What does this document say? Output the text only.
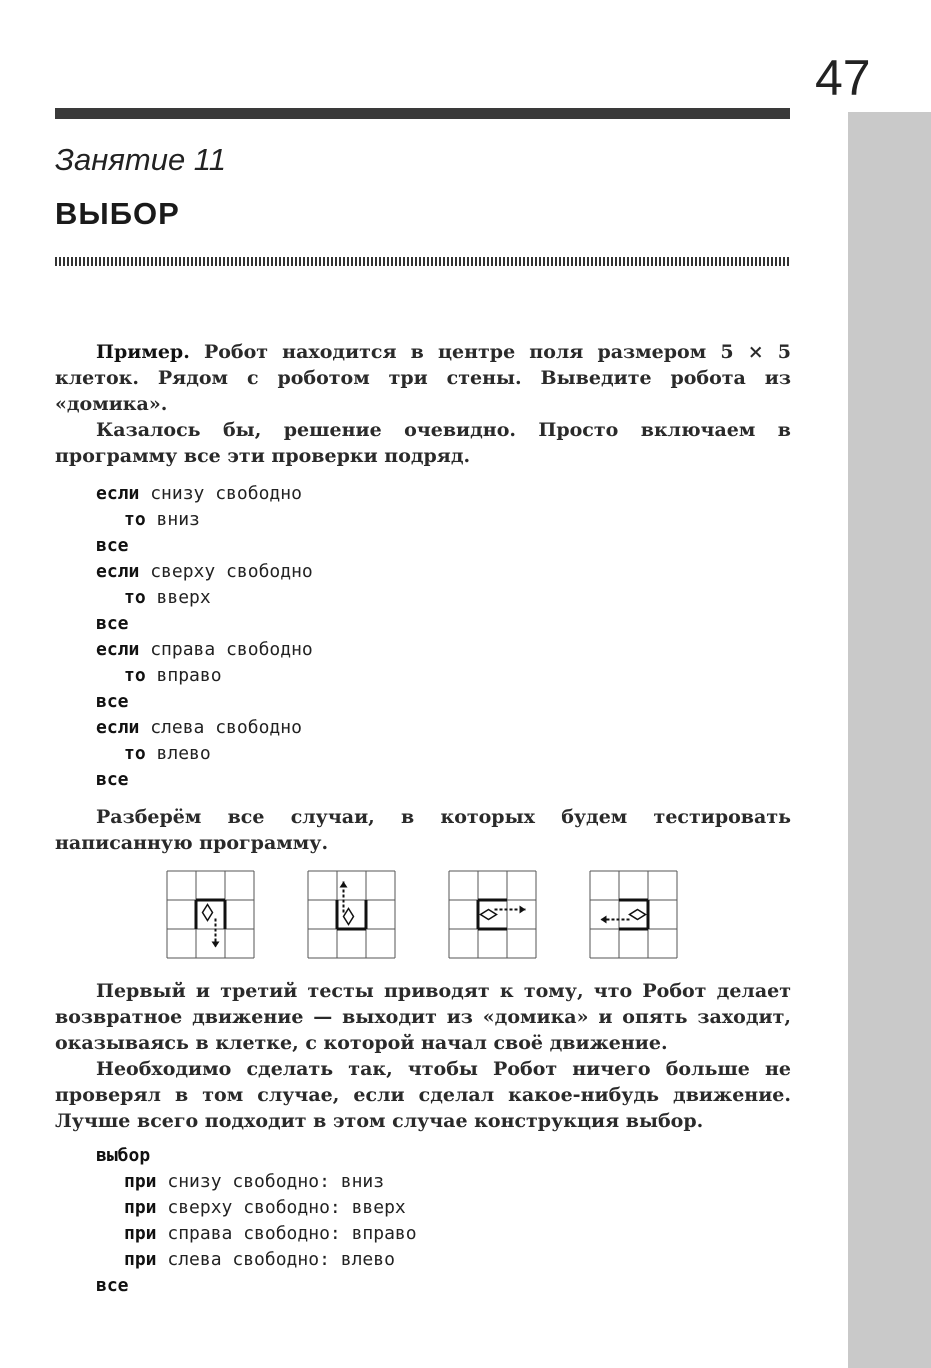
47
Занятие 11
ВЫБОР
Пример. Робот находится в центре поля размером 5 × 5 клеток. Рядом с роботом три стены. Выведите робота из «домика».
Казалось бы, решение очевидно. Просто включаем в программу все эти проверки подряд.
если снизу свободно
то вниз
все
если сверху свободно
то вверх
все
если справа свободно
то вправо
все
если слева свободно
то влево
все
Разберём все случаи, в которых будем тестировать написанную программу.
Первый и третий тесты приводят к тому, что Робот делает возвратное движение — выходит из «домика» и опять заходит, оказываясь в клетке, с которой начал своё движение.
Необходимо сделать так, чтобы Робот ничего больше не проверял в том случае, если сделал какое-нибудь движение. Лучше всего подходит в этом случае конструкция выбор.
выбор
при снизу свободно: вниз
при сверху свободно: вверх
при справа свободно: вправо
при слева свободно: влево
все
